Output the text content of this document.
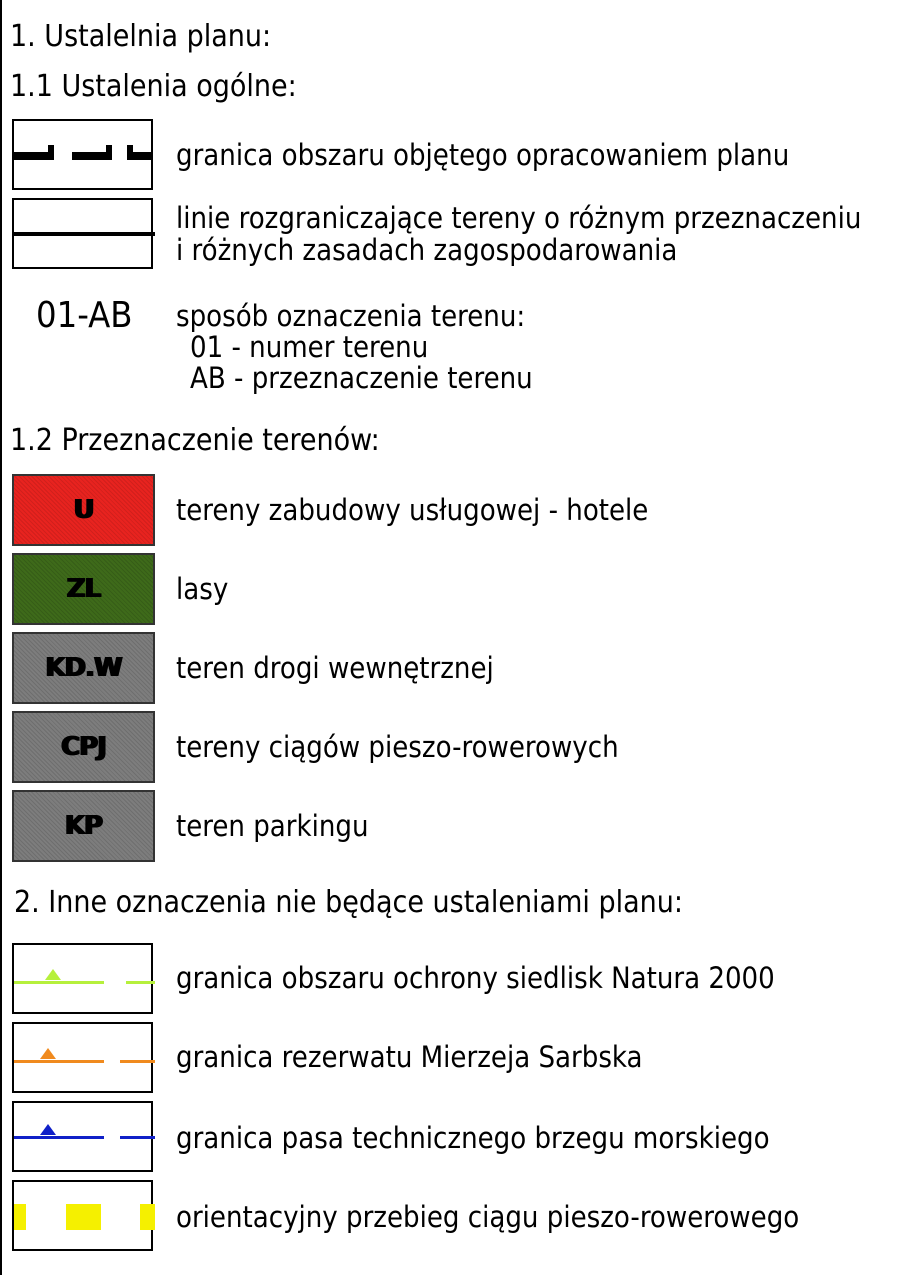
1. Ustalelnia planu:
1.1 Ustalenia ogólne:
granica obszaru objętego opracowaniem planu
linie rozgraniczające tereny o różnym przeznaczeniu
i różnych zasadach zagospodarowania
01-AB sposób oznaczenia terenu:
01 - numer terenu
AB - przeznaczenie terenu
1.2 Przeznaczenie terenów:
U	tereny zabudowy usługowej - hotele
ZL	lasy
KD.W teren drogi wewnętrznej
CPJ tereny ciągów pieszo-rowerowych
KP	teren parkingu
2. Inne oznaczenia nie będące ustaleniami planu:
granica obszaru ochrony siedlisk Natura 2000
granica rezerwatu Mierzeja Sarbska
granica pasa technicznego brzegu morskiego
orientacyjny przebieg ciągu pieszo-rowerowego
